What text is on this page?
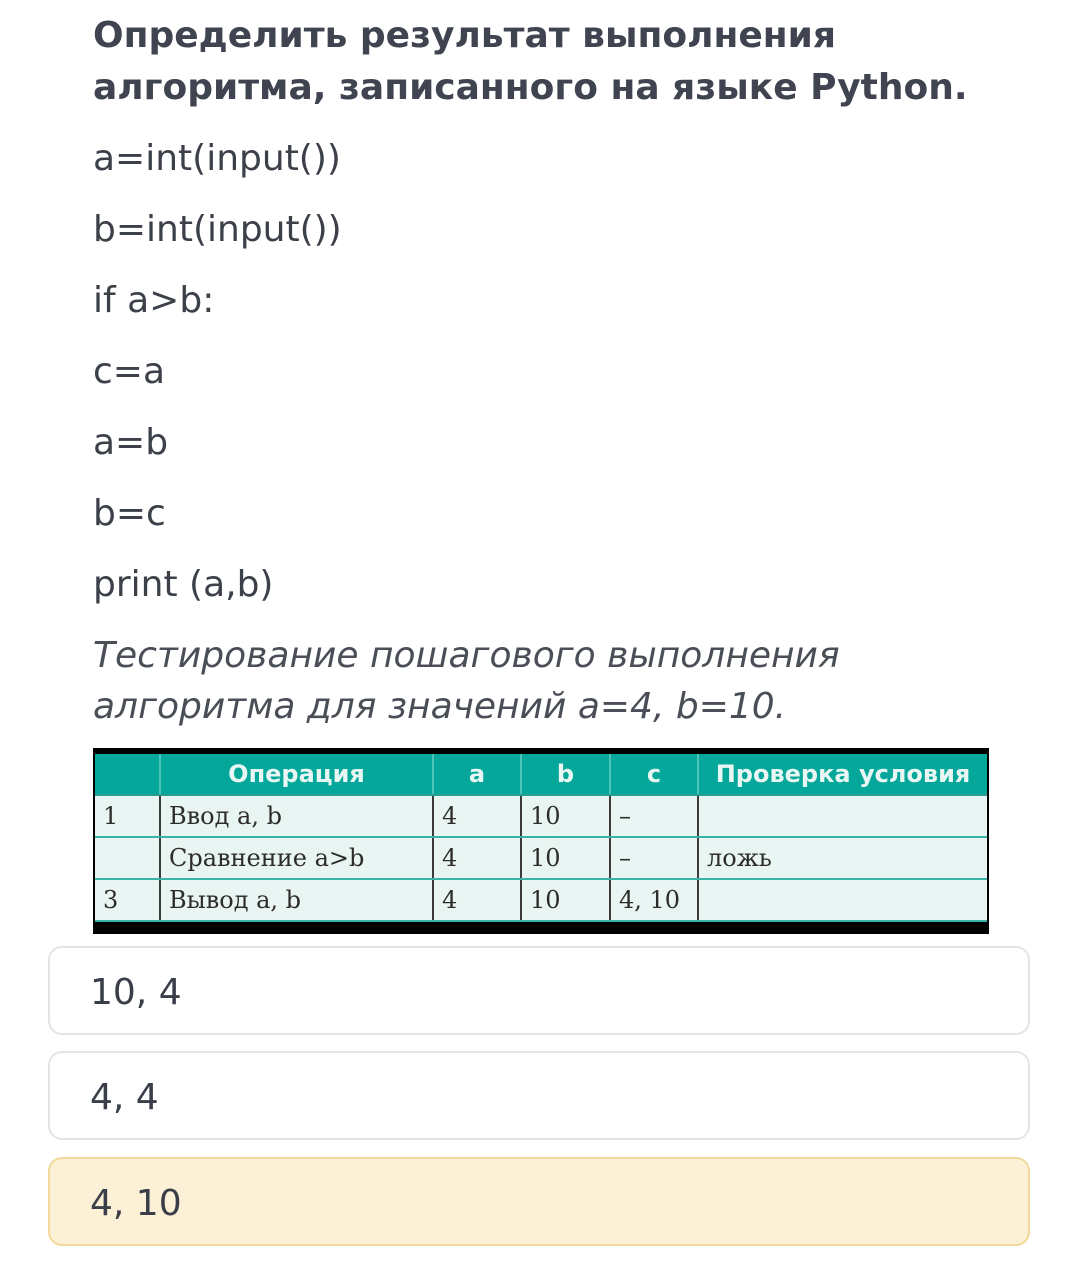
Определить результат выполнения алгоритма, записанного на языке Python.

a=int(input())

b=int(input())

if a>b:

c=a

a=b

b=c

print (a,b)

Тестирование пошагового выполнения алгоритма для значений a=4, b=10.

	Операция	a	b	c	Проверка условия
1	Ввод a, b	4	10	–	
	Сравнение a>b	4	10	–	ложь
3	Вывод a, b	4	10	4, 10	
10, 4
4, 4
4, 10
